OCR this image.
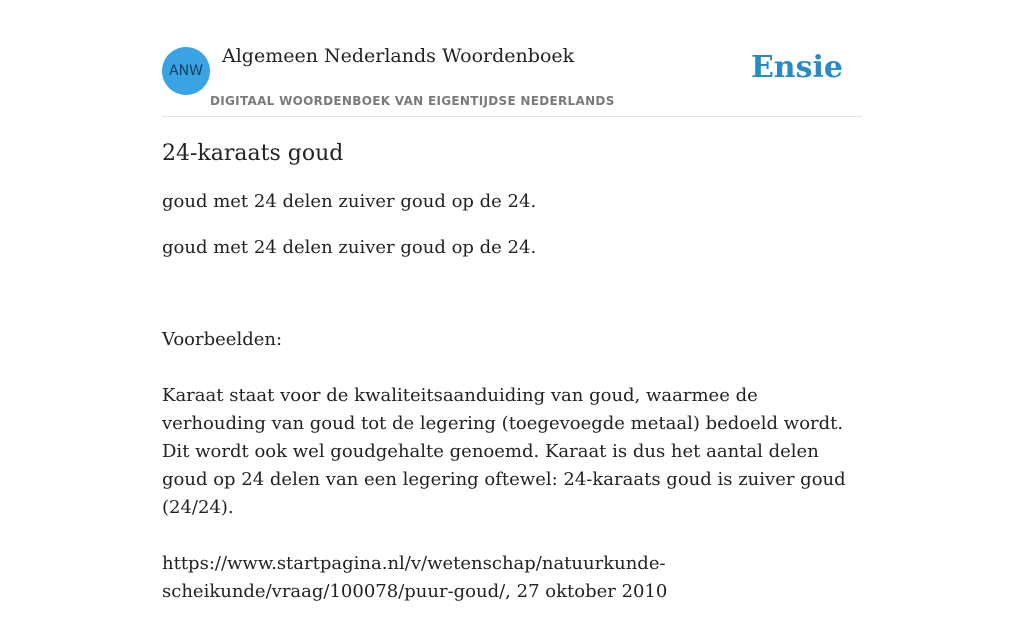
ANW
Algemeen Nederlands Woordenboek
DIGITAAL WOORDENBOEK VAN EIGENTIJDSE NEDERLANDS
Ensie
24-karaats goud

goud met 24 delen zuiver goud op de 24.

goud met 24 delen zuiver goud op de 24.

Voorbeelden:

Karaat staat voor de kwaliteitsaanduiding van goud, waarmee de verhouding van goud tot de legering (toegevoegde metaal) bedoeld wordt. Dit wordt ook wel goudgehalte genoemd. Karaat is dus het aantal delen goud op 24 delen van een legering oftewel: 24-karaats goud is zuiver goud (24/24).

https://www.startpagina.nl/v/wetenschap/natuurkunde-scheikunde/vraag/100078/puur-goud/, 27 oktober 2010
